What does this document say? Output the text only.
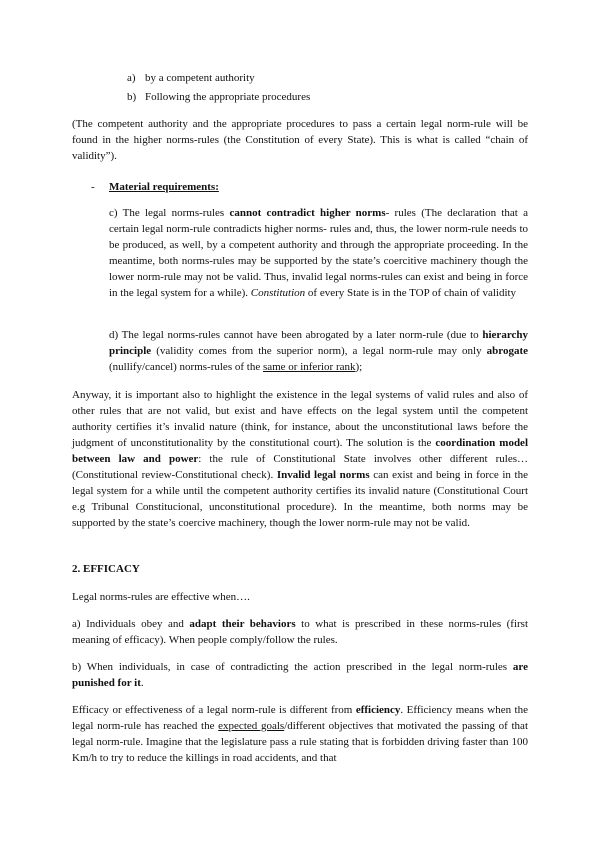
a) by a competent authority
b) Following the appropriate procedures

(The competent authority and the appropriate procedures to pass a certain legal norm-rule will be found in the higher norms-rules (the Constitution of every State). This is what is called “chain of validity”).

- Material requirements:

c) The legal norms-rules cannot contradict higher norms- rules (The declaration that a certain legal norm-rule contradicts higher norms- rules and, thus, the lower norm-rule needs to be produced, as well, by a competent authority and through the appropriate proceeding. In the meantime, both norms-rules may be supported by the state’s coercitive machinery though the lower norm-rule may not be valid. Thus, invalid legal norms-rules can exist and being in force in the legal system for a while). Constitution of every State is in the TOP of chain of validity

d) The legal norms-rules cannot have been abrogated by a later norm-rule (due to hierarchy principle (validity comes from the superior norm), a legal norm-rule may only abrogate (nullify/cancel) norms-rules of the same or inferior rank);

Anyway, it is important also to highlight the existence in the legal systems of valid rules and also of other rules that are not valid, but exist and have effects on the legal system until the competent authority certifies it’s invalid nature (think, for instance, about the unconstitutional laws before the judgment of unconstitutionality by the constitutional court). The solution is the coordination model between law and power: the rule of Constitutional State involves other different rules… (Constitutional review-Constitutional check). Invalid legal norms can exist and being in force in the legal system for a while until the competent authority certifies its invalid nature (Constitutional Court e.g Tribunal Constitucional, unconstitutional procedure). In the meantime, both norms may be supported by the state’s coercive machinery, though the lower norm-rule may not be valid.

2. EFFICACY

Legal norms-rules are effective when….

a) Individuals obey and adapt their behaviors to what is prescribed in these norms-rules (first meaning of efficacy). When people comply/follow the rules.

b) When individuals, in case of contradicting the action prescribed in the legal norm-rules are punished for it.

Efficacy or effectiveness of a legal norm-rule is different from efficiency. Efficiency means when the legal norm-rule has reached the expected goals/different objectives that motivated the passing of that legal norm-rule. Imagine that the legislature pass a rule stating that is forbidden driving faster than 100 Km/h to try to reduce the killings in road accidents, and that
